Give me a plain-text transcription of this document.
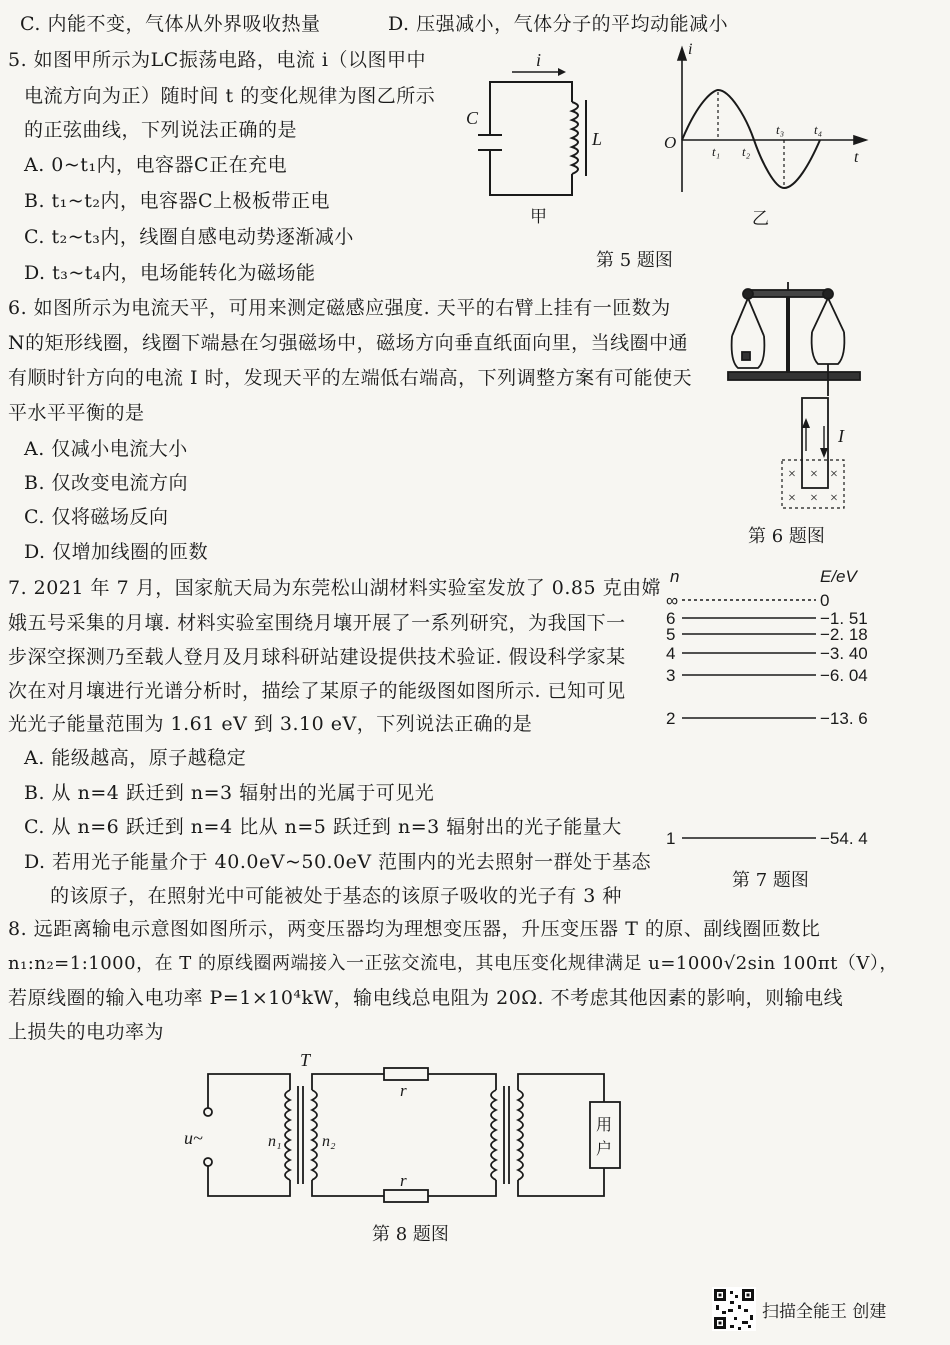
C. 内能不变，气体从外界吸收热量	D. 压强减小，气体分子的平均动能减小
5. 如图甲所示为LC振荡电路，电流 i（以图甲中
电流方向为正）随时间 t 的变化规律为图乙所示
的正弦曲线，下列说法正确的是
A. 0~t₁内，电容器C正在充电
B. t₁~t₂内，电容器C上极板带正电
C. t₂~t₃内，线圈自感电动势逐渐减小
D. t₃~t₄内，电场能转化为磁场能
i
C
L
甲
i
t
O	t₁ t₂
t₃ t₄
乙
第 5 题图
6. 如图所示为电流天平，可用来测定磁感应强度. 天平的右臂上挂有一匝数为
N的矩形线圈，线圈下端悬在匀强磁场中，磁场方向垂直纸面向里，当线圈中通
有顺时针方向的电流 I 时，发现天平的左端低右端高，下列调整方案有可能使天
平水平平衡的是
A. 仅减小电流大小
B. 仅改变电流方向
C. 仅将磁场反向
D. 仅增加线圈的匝数
I
× × ×
× × ×
第 6 题图
7. 2021 年 7 月，国家航天局为东莞松山湖材料实验室发放了 0.85 克由嫦
娥五号采集的月壤. 材料实验室围绕月壤开展了一系列研究，为我国下一
步深空探测乃至载人登月及月球科研站建设提供技术验证. 假设科学家某
次在对月壤进行光谱分析时，描绘了某原子的能级图如图所示. 已知可见
光光子能量范围为 1.61 eV 到 3.10 eV，下列说法正确的是
A. 能级越高，原子越稳定
B. 从 n=4 跃迁到 n=3 辐射出的光属于可见光
C. 从 n=6 跃迁到 n=4 比从 n=5 跃迁到 n=3 辐射出的光子能量大
D. 若用光子能量介于 40.0eV~50.0eV 范围内的光去照射一群处于基态
的该原子，在照射光中可能被处于基态的该原子吸收的光子有 3 种
n	E/eV
∞	0
6	−1. 51
5	−2. 18
4	−3. 40
3	−6. 04
2	−13. 6
1	−54. 4
第 7 题图
8. 远距离输电示意图如图所示，两变压器均为理想变压器，升压变压器 T 的原、副线圈匝数比
n₁:n₂=1:1000，在 T 的原线圈两端接入一正弦交流电，其电压变化规律满足 u=1000√2sin 100πt（V），
若原线圈的输入电功率 P=1×10⁴kW，输电线总电阻为 20Ω. 不考虑其他因素的影响，则输电线
上损失的电功率为
T
r
r
u~	n₁	n₂
用
户
第 8 题图
扫描全能王 创建
